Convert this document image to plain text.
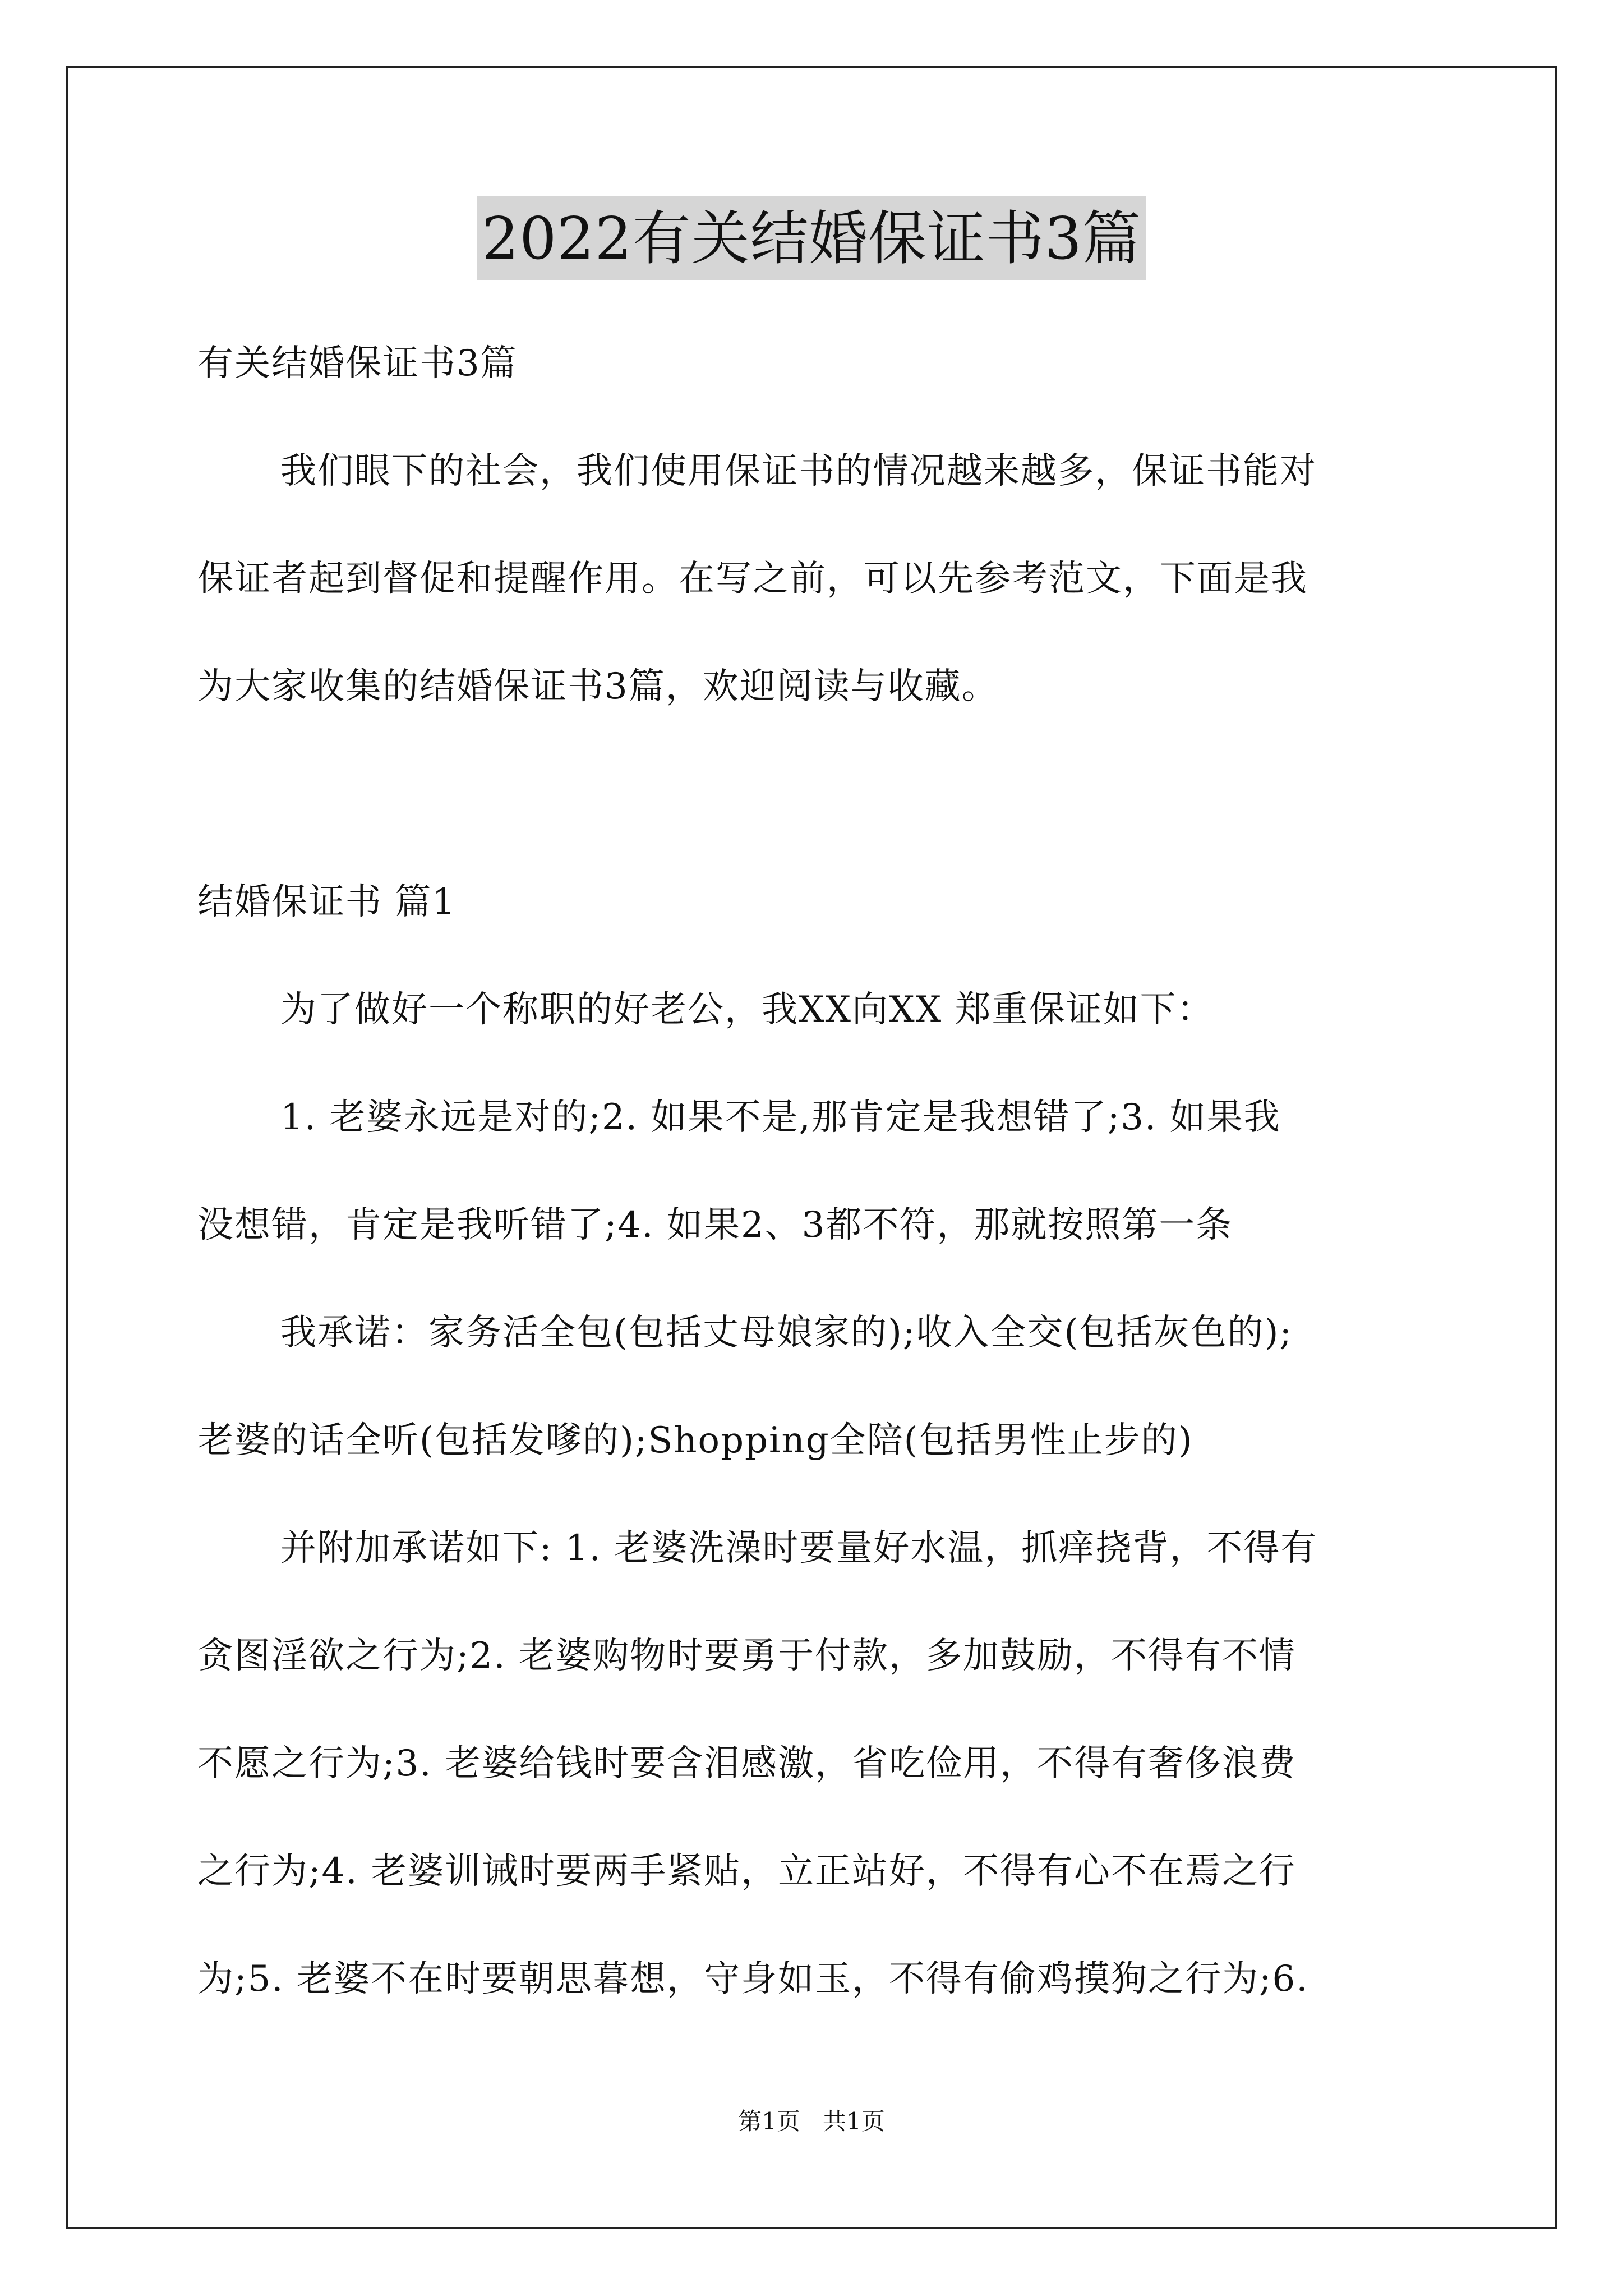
2022有关结婚保证书3篇
有关结婚保证书3篇
我们眼下的社会，我们使用保证书的情况越来越多，保证书能对
保证者起到督促和提醒作用。在写之前，可以先参考范文，下面是我
为大家收集的结婚保证书3篇，欢迎阅读与收藏。
结婚保证书 篇1
为了做好一个称职的好老公，我XX向XX 郑重保证如下：
1. 老婆永远是对的;2. 如果不是,那肯定是我想错了;3. 如果我
没想错，肯定是我听错了;4. 如果2、3都不符，那就按照第一条
我承诺：家务活全包(包括丈母娘家的);收入全交(包括灰色的);
老婆的话全听(包括发嗲的);Shopping全陪(包括男性止步的)
并附加承诺如下: 1. 老婆洗澡时要量好水温，抓痒挠背，不得有
贪图淫欲之行为;2. 老婆购物时要勇于付款，多加鼓励，不得有不情
不愿之行为;3. 老婆给钱时要含泪感激，省吃俭用，不得有奢侈浪费
之行为;4. 老婆训诫时要两手紧贴，立正站好，不得有心不在焉之行
为;5. 老婆不在时要朝思暮想，守身如玉，不得有偷鸡摸狗之行为;6.
第1页   共1页
